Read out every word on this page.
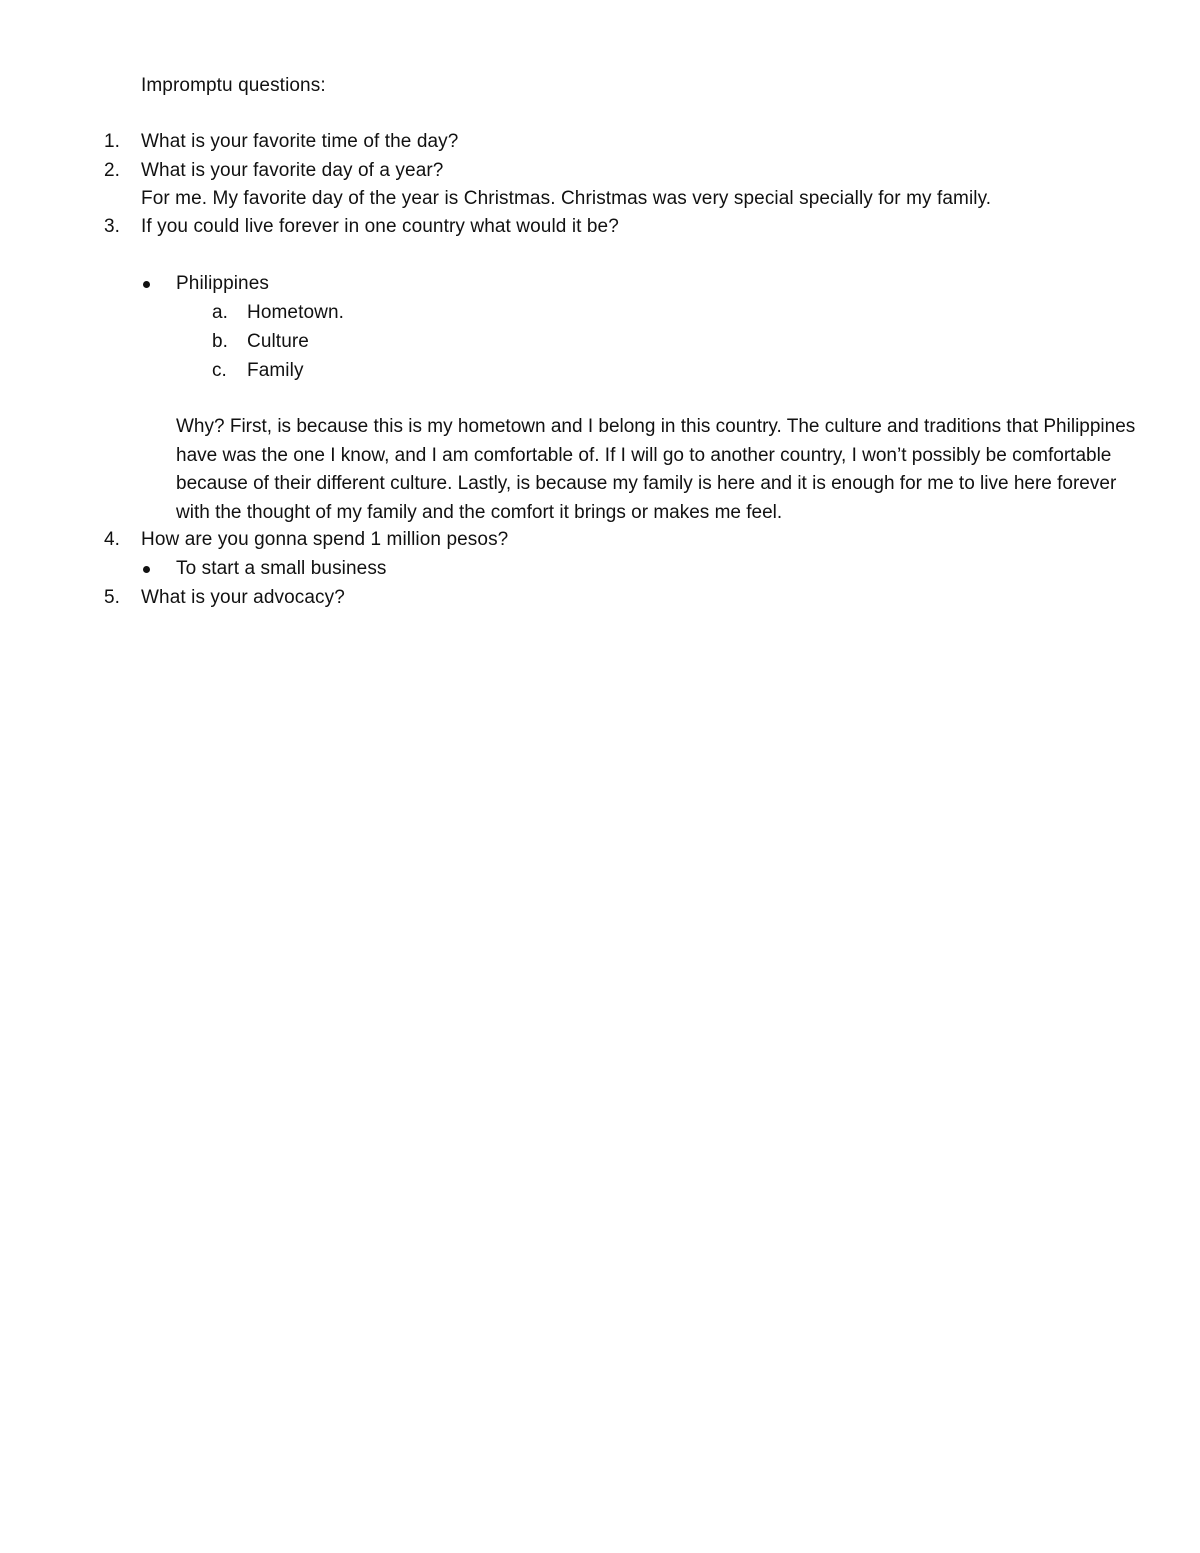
Impromptu questions:
1. What is your favorite time of the day?
2. What is your favorite day of a year?
For me. My favorite day of the year is Christmas. Christmas was very special specially for my family.
3. If you could live forever in one country what would it be?
Philippines
a. Hometown.
b. Culture
c. Family
Why? First, is because this is my hometown and I belong in this country. The culture and traditions that Philippines have was the one I know, and I am comfortable of. If I will go to another country, I won’t possibly be comfortable because of their different culture. Lastly, is because my family is here and it is enough for me to live here forever with the thought of my family and the comfort it brings or makes me feel.
4. How are you gonna spend 1 million pesos?
To start a small business
5. What is your advocacy?
